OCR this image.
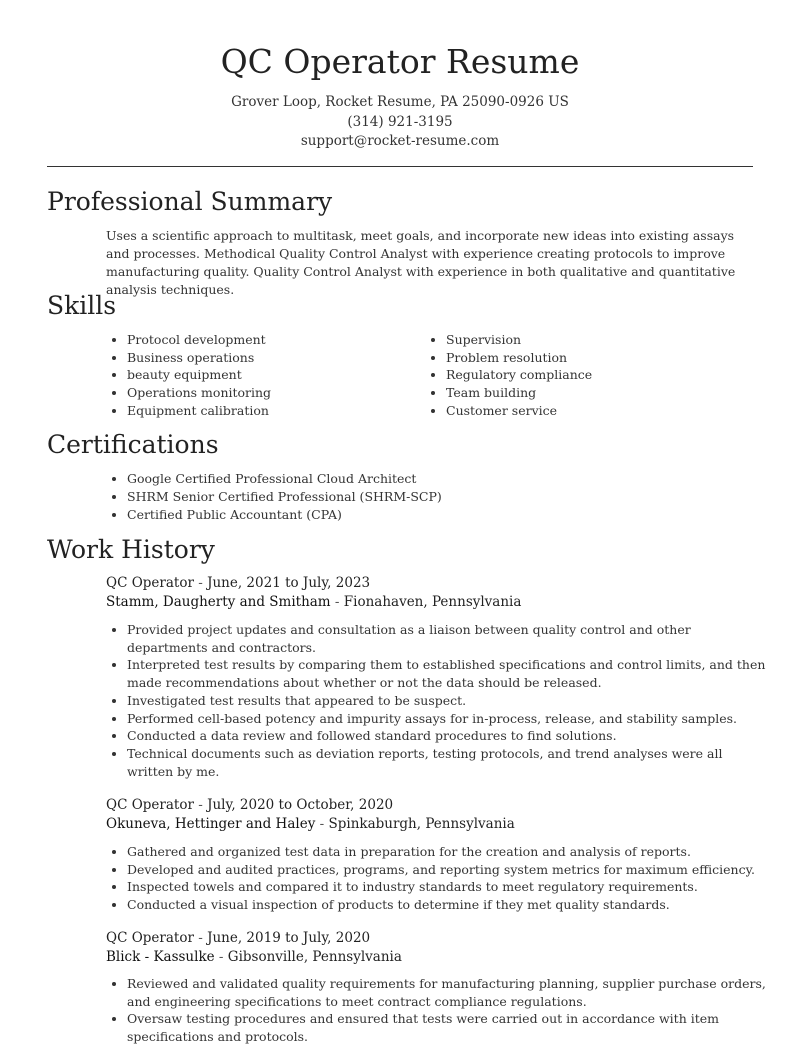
QC Operator Resume
Grover Loop, Rocket Resume, PA 25090-0926 US
(314) 921-3195
support@rocket-resume.com
Professional Summary

Uses a scientific approach to multitask, meet goals, and incorporate new ideas into existing assays and processes. Methodical Quality Control Analyst with experience creating protocols to improve manufacturing quality. Quality Control Analyst with experience in both qualitative and quantitative analysis techniques.

Skills
• Protocol development
• Business operations
• beauty equipment
• Operations monitoring
• Equipment calibration
• Supervision
• Problem resolution
• Regulatory compliance
• Team building
• Customer service
Certifications
• Google Certified Professional Cloud Architect
• SHRM Senior Certified Professional (SHRM-SCP)
• Certified Public Accountant (CPA)
Work History
QC Operator - June, 2021 to July, 2023
Stamm, Daugherty and Smitham - Fionahaven, Pennsylvania
• Provided project updates and consultation as a liaison between quality control and other departments and contractors.
• Interpreted test results by comparing them to established specifications and control limits, and then made recommendations about whether or not the data should be released.
• Investigated test results that appeared to be suspect.
• Performed cell-based potency and impurity assays for in-process, release, and stability samples.
• Conducted a data review and followed standard procedures to find solutions.
• Technical documents such as deviation reports, testing protocols, and trend analyses were all written by me.
QC Operator - July, 2020 to October, 2020
Okuneva, Hettinger and Haley - Spinkaburgh, Pennsylvania
• Gathered and organized test data in preparation for the creation and analysis of reports.
• Developed and audited practices, programs, and reporting system metrics for maximum efficiency.
• Inspected towels and compared it to industry standards to meet regulatory requirements.
• Conducted a visual inspection of products to determine if they met quality standards.
QC Operator - June, 2019 to July, 2020
Blick - Kassulke - Gibsonville, Pennsylvania
• Reviewed and validated quality requirements for manufacturing planning, supplier purchase orders, and engineering specifications to meet contract compliance regulations.
• Oversaw testing procedures and ensured that tests were carried out in accordance with item specifications and protocols.
